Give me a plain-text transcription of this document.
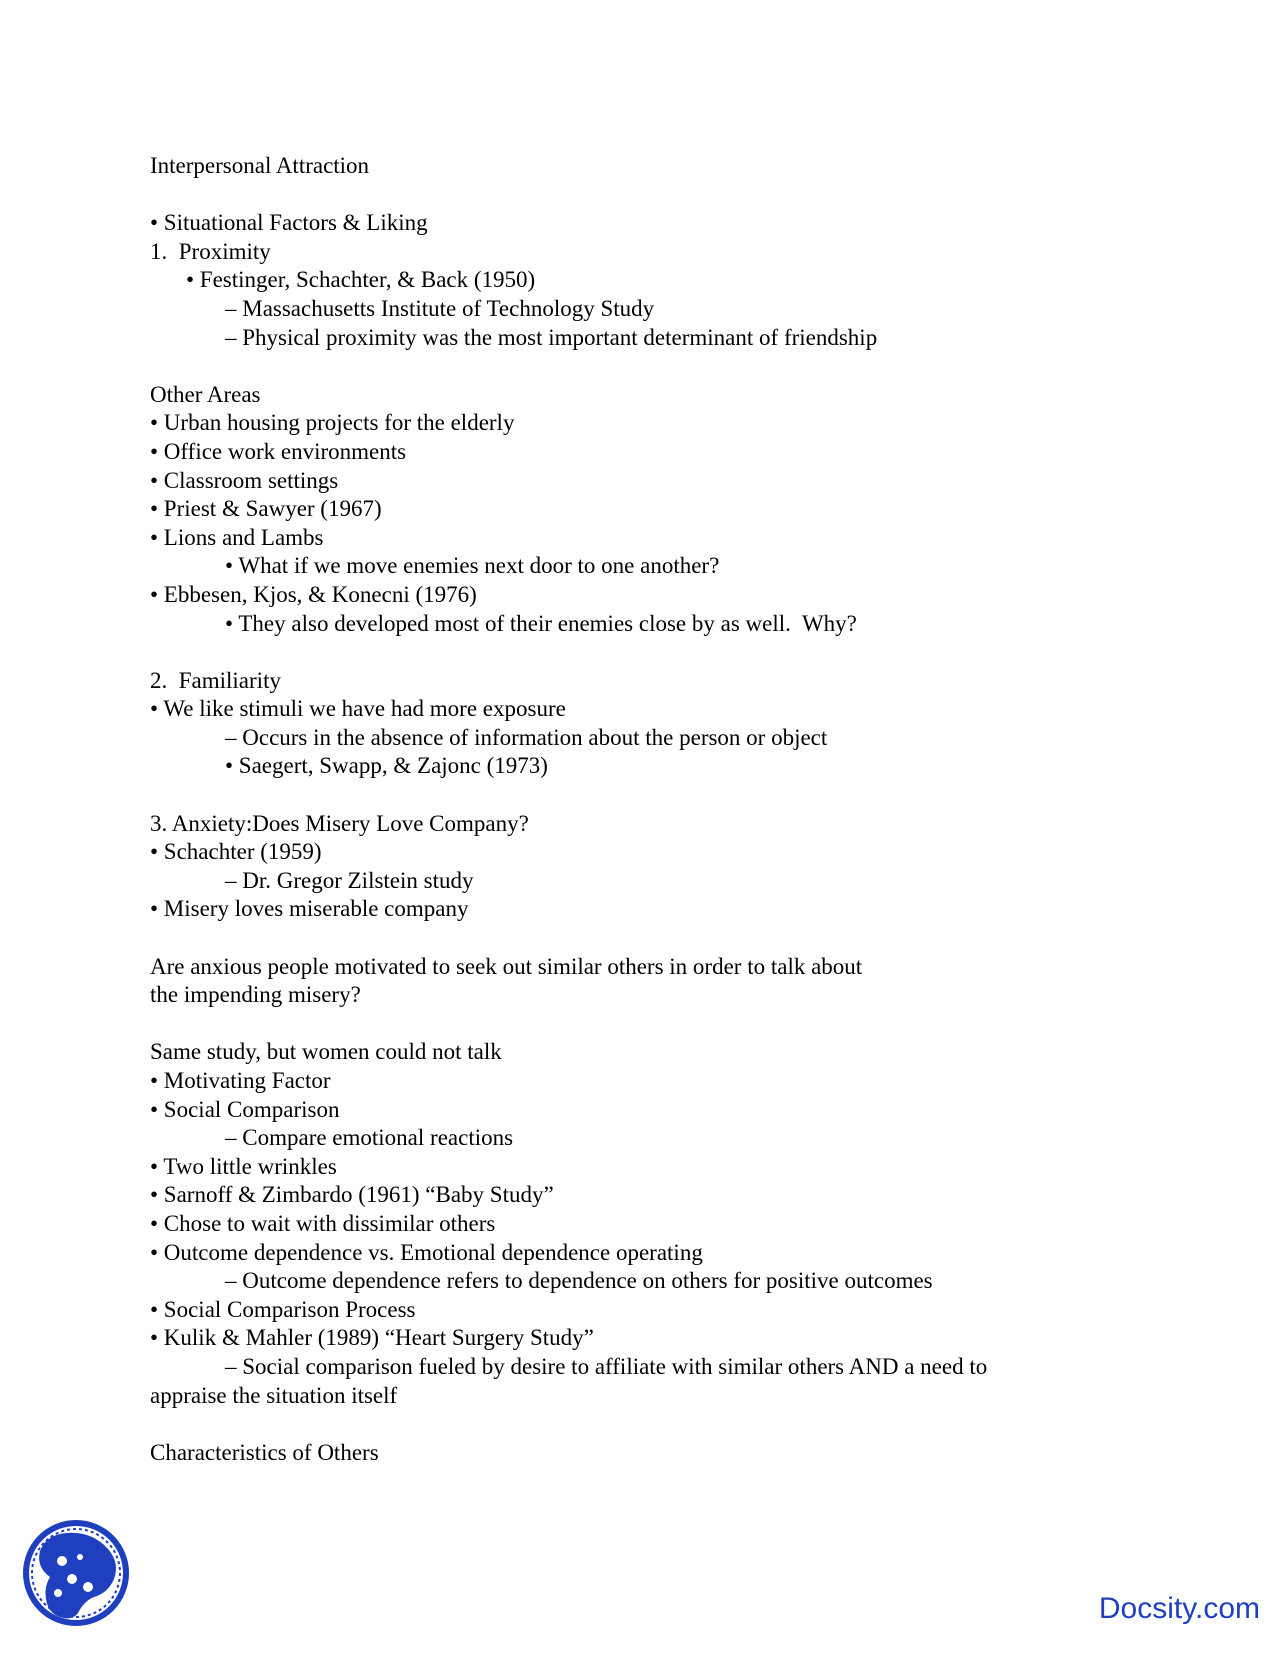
Interpersonal Attraction
• Situational Factors & Liking
1.  Proximity
• Festinger, Schachter, & Back (1950)
– Massachusetts Institute of Technology Study
– Physical proximity was the most important determinant of friendship
Other Areas
• Urban housing projects for the elderly
• Office work environments
• Classroom settings
• Priest & Sawyer (1967)
• Lions and Lambs
• What if we move enemies next door to one another?
• Ebbesen, Kjos, & Konecni (1976)
• They also developed most of their enemies close by as well.  Why?
2.  Familiarity
• We like stimuli we have had more exposure
– Occurs in the absence of information about the person or object
• Saegert, Swapp, & Zajonc (1973)
3. Anxiety:Does Misery Love Company?
• Schachter (1959)
– Dr. Gregor Zilstein study
• Misery loves miserable company
Are anxious people motivated to seek out similar others in order to talk about
the impending misery?
Same study, but women could not talk
• Motivating Factor
• Social Comparison
– Compare emotional reactions
• Two little wrinkles
• Sarnoff & Zimbardo (1961) “Baby Study”
• Chose to wait with dissimilar others
• Outcome dependence vs. Emotional dependence operating
– Outcome dependence refers to dependence on others for positive outcomes
• Social Comparison Process
• Kulik & Mahler (1989) “Heart Surgery Study”
– Social comparison fueled by desire to affiliate with similar others AND a need to
appraise the situation itself
Characteristics of Others
Docsity.com
